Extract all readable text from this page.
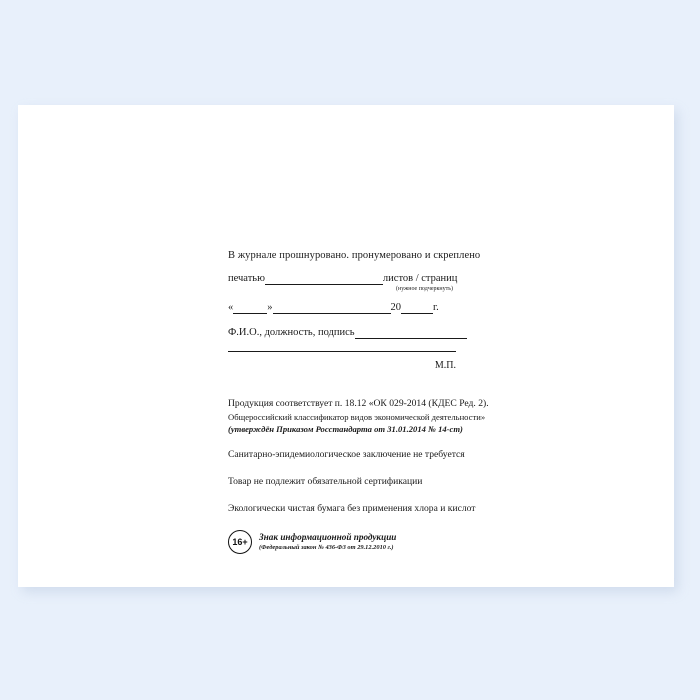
В журнале прошнуровано. пронумеровано и скреплено
печатью	листов / страниц
(нужное подчеркнуть)
«	»	20	г.
Ф.И.О., должность, подпись
М.П.
Продукция соответствует п. 18.12 «ОК 029-2014 (КДЕС Ред. 2).
Общероссийский классификатор видов экономической деятельности»
(утверждён Приказом Росстандарта от 31.01.2014 № 14-ст)
Санитарно-эпидемиологическое заключение не требуется
Товар не подлежит обязательной сертификации
Экологически чистая бумага без применения хлора и кислот
16+	Знак информационной продукции
(Федеральный закон № 436-ФЗ от 29.12.2010 г.)
